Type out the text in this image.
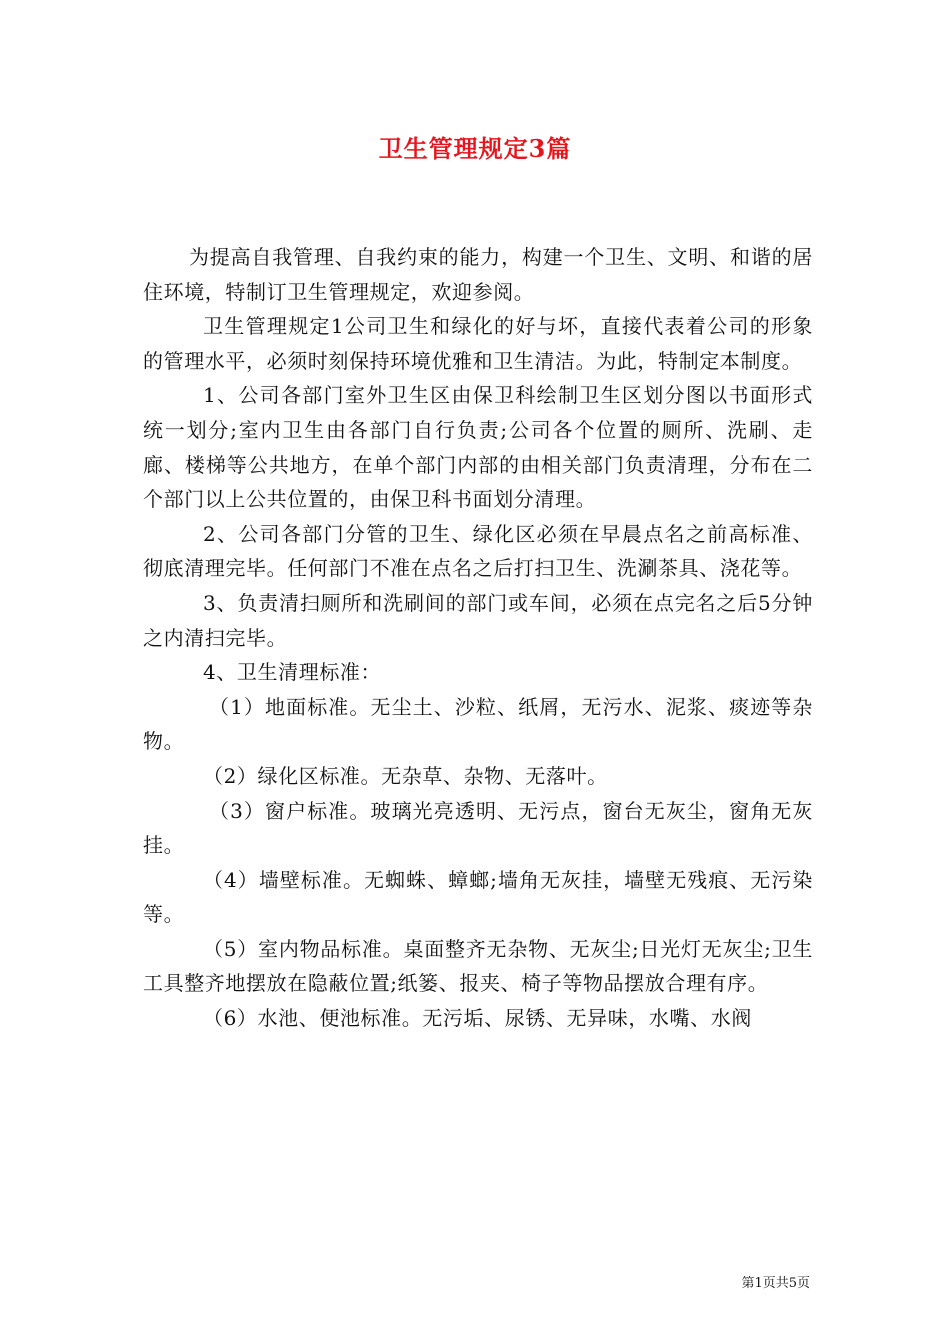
卫生管理规定3篇

为提高自我管理、自我约束的能力，构建一个卫生、文明、和谐的居住环境，特制订卫生管理规定，欢迎参阅。

卫生管理规定1公司卫生和绿化的好与坏，直接代表着公司的形象的管理水平，必须时刻保持环境优雅和卫生清洁。为此，特制定本制度。

1、公司各部门室外卫生区由保卫科绘制卫生区划分图以书面形式统一划分;室内卫生由各部门自行负责;公司各个位置的厕所、洗刷、走廊、楼梯等公共地方，在单个部门内部的由相关部门负责清理，分布在二个部门以上公共位置的，由保卫科书面划分清理。

2、公司各部门分管的卫生、绿化区必须在早晨点名之前高标准、彻底清理完毕。任何部门不准在点名之后打扫卫生、洗涮茶具、浇花等。

3、负责清扫厕所和洗刷间的部门或车间，必须在点完名之后5分钟之内清扫完毕。

4、卫生清理标准：

（1）地面标准。无尘土、沙粒、纸屑，无污水、泥浆、痰迹等杂物。

（2）绿化区标准。无杂草、杂物、无落叶。

（3）窗户标准。玻璃光亮透明、无污点，窗台无灰尘，窗角无灰挂。

（4）墙壁标准。无蜘蛛、蟑螂;墙角无灰挂，墙壁无残痕、无污染等。

（5）室内物品标准。桌面整齐无杂物、无灰尘;日光灯无灰尘;卫生工具整齐地摆放在隐蔽位置;纸篓、报夹、椅子等物品摆放合理有序。

（6）水池、便池标准。无污垢、尿锈、无异味，水嘴、水阀

第1页共5页
